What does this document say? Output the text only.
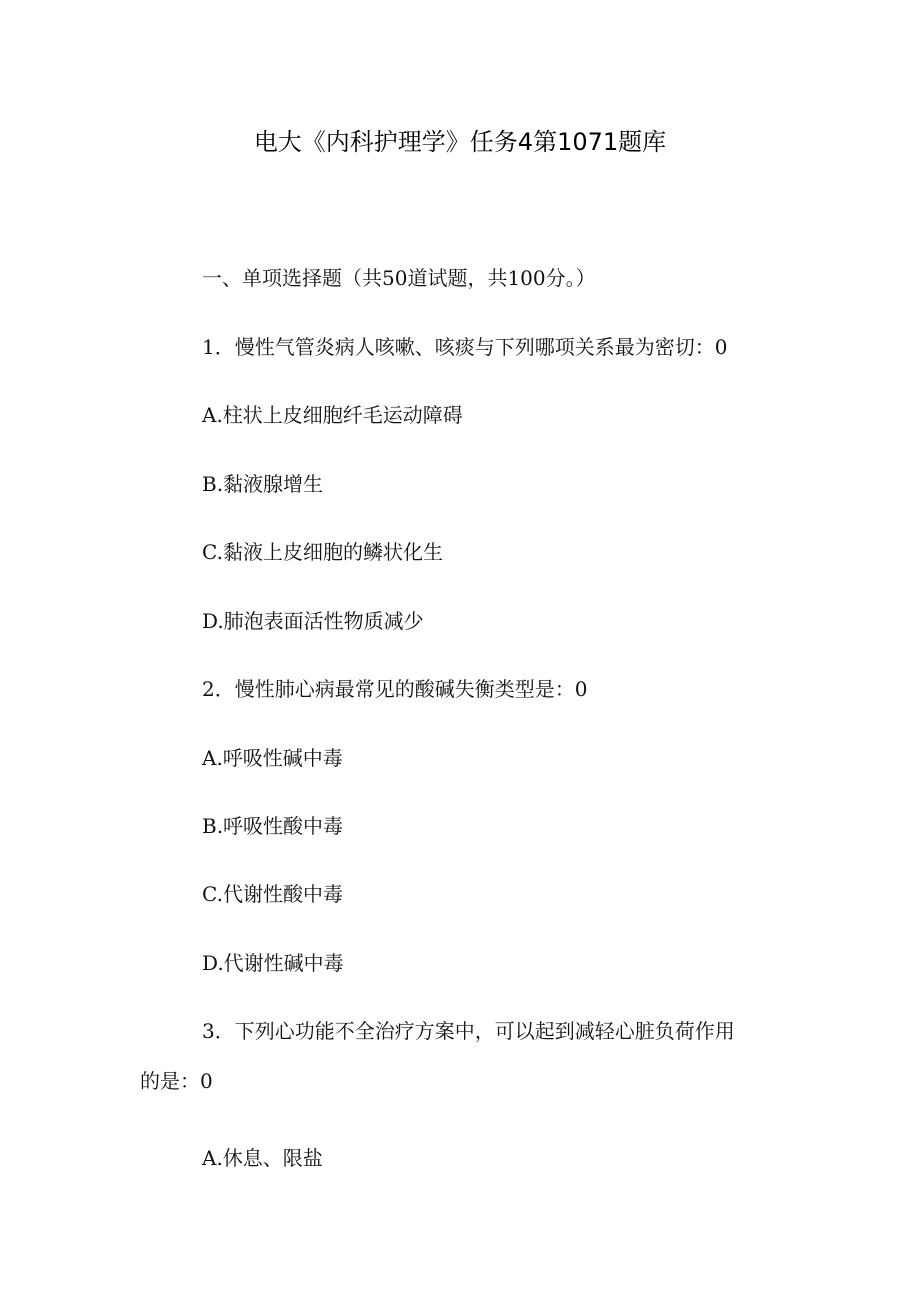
电大《内科护理学》任务4第1071题库

一、单项选择题（共50道试题，共100分。）

1．慢性气管炎病人咳嗽、咳痰与下列哪项关系最为密切：0

A.柱状上皮细胞纤毛运动障碍

B.黏液腺增生

C.黏液上皮细胞的鳞状化生

D.肺泡表面活性物质减少

2．慢性肺心病最常见的酸碱失衡类型是：0

A.呼吸性碱中毒

B.呼吸性酸中毒

C.代谢性酸中毒

D.代谢性碱中毒

3．下列心功能不全治疗方案中，可以起到减轻心脏负荷作用

的是：0

A.休息、限盐
